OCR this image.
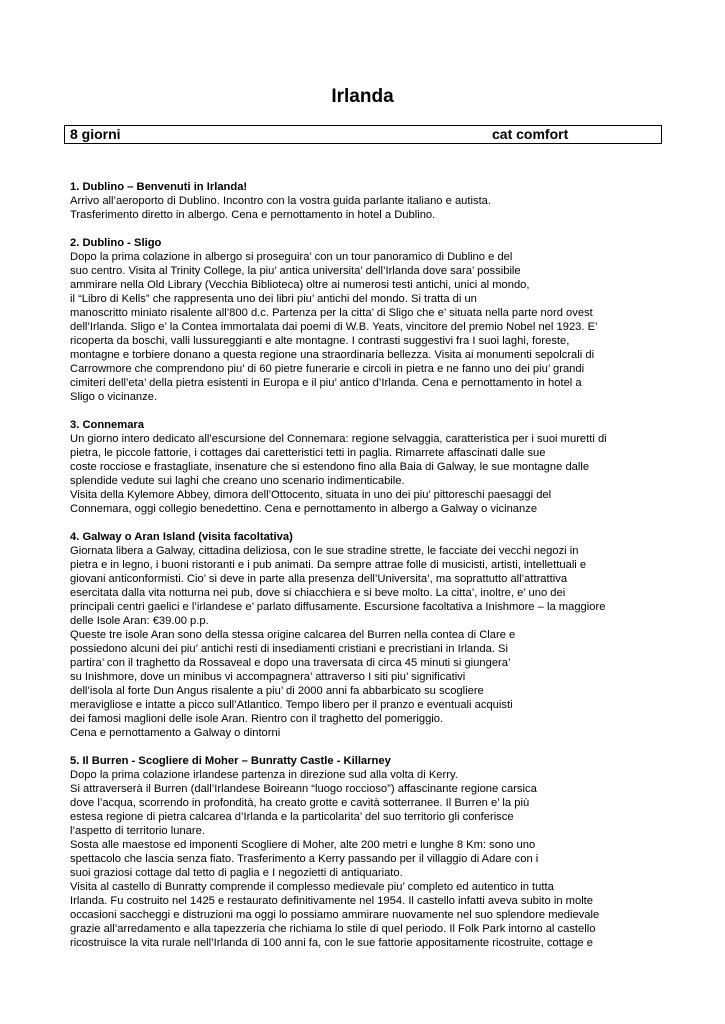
Irlanda
8 giorni	cat comfort
1. Dublino – Benvenuti in Irlanda!
Arrivo all’aeroporto di Dublino. Incontro con la vostra guida parlante italiano e autista.
Trasferimento diretto in albergo. Cena e pernottamento in hotel a Dublino.
2. Dublino - Sligo
Dopo la prima colazione in albergo si proseguira’ con un tour panoramico di Dublino e del
suo centro. Visita al Trinity College, la piu’ antica universita’ dell’Irlanda dove sara’ possibile
ammirare nella Old Library (Vecchia Biblioteca) oltre ai numerosi testi antichi, unici al mondo,
il “Libro di Kells” che rappresenta uno dei libri piu’ antichi del mondo. Si tratta di un
manoscritto miniato risalente all’800 d.c. Partenza per la citta’ di Sligo che e’ situata nella parte nord ovest
dell’Irlanda. Sligo e’ la Contea immortalata dai poemi di W.B. Yeats, vincitore del premio Nobel nel 1923. E’
ricoperta da boschi, valli lussureggianti e alte montagne. I contrasti suggestivi fra I suoi laghi, foreste,
montagne e torbiere donano a questa regione una straordinaria bellezza. Visita ai monumenti sepolcrali di
Carrowmore che comprendono piu’ di 60 pietre funerarie e circoli in pietra e ne fanno uno dei piu’ grandi
cimiteri dell’eta’ della pietra esistenti in Europa e il piu’ antico d’Irlanda. Cena e pernottamento in hotel a
Sligo o vicinanze.
3. Connemara
Un giorno intero dedicato all’escursione del Connemara: regione selvaggia, caratteristica per i suoi muretti di
pietra, le piccole fattorie, i cottages dai caretteristici tetti in paglia. Rimarrete affascinati dalle sue
coste rocciose e frastagliate, insenature che si estendono fino alla Baia di Galway, le sue montagne dalle
splendide vedute sui laghi che creano uno scenario indimenticabile.
Visita della Kylemore Abbey, dimora dell’Ottocento, situata in uno dei piu’ pittoreschi paesaggi del
Connemara, oggi collegio benedettino. Cena e pernottamento in albergo a Galway o vicinanze
4. Galway o Aran Island (visita facoltativa)
Giornata libera a Galway, cittadina deliziosa, con le sue stradine strette, le facciate dei vecchi negozi in
pietra e in legno, i buoni ristoranti e i pub animati. Da sempre attrae folle di musicisti, artisti, intellettuali e
giovani anticonformisti. Cio’ si deve in parte alla presenza dell’Universita’, ma soprattutto all’attrattiva
esercitata dalla vita notturna nei pub, dove si chiacchiera e si beve molto. La citta’, inoltre, e’ uno dei
principali centri gaelici e l’irlandese e’ parlato diffusamente. Escursione facoltativa a Inishmore – la maggiore
delle Isole Aran: €39.00 p.p.
Queste tre isole Aran sono della stessa origine calcarea del Burren nella contea di Clare e
possiedono alcuni dei piu’ antichi resti di insediamenti cristiani e precristiani in Irlanda. Si
partira’ con il traghetto da Rossaveal e dopo una traversata di circa 45 minuti si giungera’
su Inishmore, dove un minibus vi accompagnera’ attraverso I siti piu’ significativi
dell’isola al forte Dun Angus risalente a piu’ di 2000 anni fa abbarbicato su scogliere
meravigliose e intatte a picco sull’Atlantico. Tempo libero per il pranzo e eventuali acquisti
dei famosi maglioni delle isole Aran. Rientro con il traghetto del pomeriggio.
Cena e pernottamento a Galway o dintorni
5. Il Burren - Scogliere di Moher – Bunratty Castle - Killarney
Dopo la prima colazione irlandese partenza in direzione sud alla volta di Kerry.
Si attraverserà il Burren (dall’Irlandese Boireann “luogo roccioso”) affascinante regione carsica
dove l’acqua, scorrendo in profondità, ha creato grotte e cavità sotterranee. Il Burren e’ la più
estesa regione di pietra calcarea d’Irlanda e la particolarita’ del suo territorio gli conferisce
l’aspetto di territorio lunare.
Sosta alle maestose ed imponenti Scogliere di Moher, alte 200 metri e lunghe 8 Km: sono uno
spettacolo che lascia senza fiato. Trasferimento a Kerry passando per il villaggio di Adare con i
suoi graziosi cottage dal tetto di paglia e I negozietti di antiquariato.
Visita al castello di Bunratty comprende il complesso medievale piu’ completo ed autentico in tutta
Irlanda. Fu costruito nel 1425 e restaurato definitivamente nel 1954. Il castello infatti aveva subito in molte
occasioni saccheggi e distruzioni ma oggi lo possiamo ammirare nuovamente nel suo splendore medievale
grazie all’arredamento e alla tapezzeria che richiama lo stile di quel periodo. Il Folk Park intorno al castello
ricostruisce la vita rurale nell’Irlanda di 100 anni fa, con le sue fattorie appositamente ricostruite, cottage e
